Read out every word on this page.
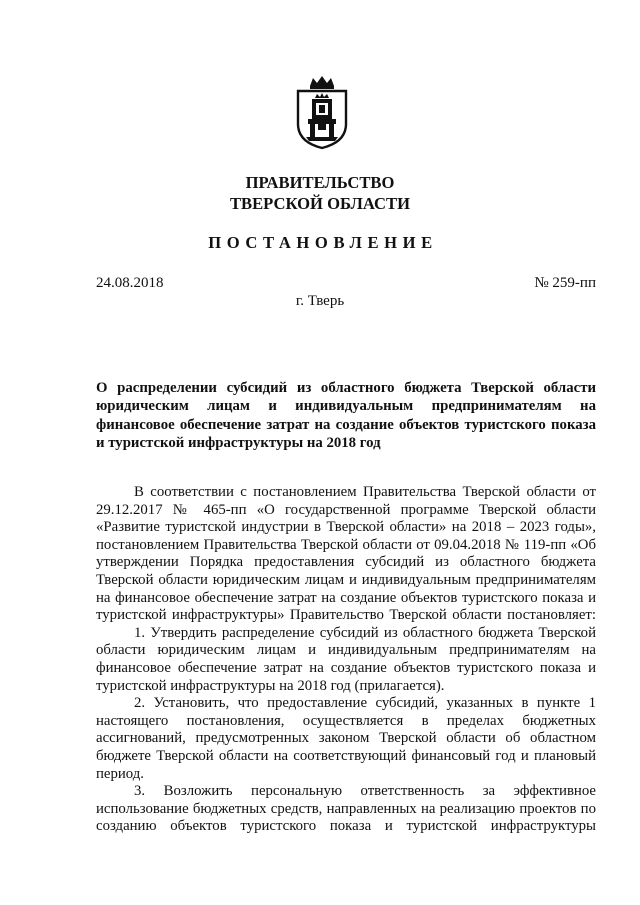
ПРАВИТЕЛЬСТВО
ТВЕРСКОЙ ОБЛАСТИ
ПОСТАНОВЛЕНИЕ
24.08.2018	№ 259-пп
г. Тверь
О распределении субсидий из областного бюджета Тверской области юридическим лицам и индивидуальным предпринимателям на финансовое обеспечение затрат на создание объектов туристского показа и туристской инфраструктуры на 2018 год

В соответствии с постановлением Правительства Тверской области от 29.12.2017 № 465-пп «О государственной программе Тверской области «Развитие туристской индустрии в Тверской области» на 2018 – 2023 годы», постановлением Правительства Тверской области от 09.04.2018 № 119-пп «Об утверждении Порядка предоставления субсидий из областного бюджета Тверской области юридическим лицам и индивидуальным предпринимателям на финансовое обеспечение затрат на создание объектов туристского показа и туристской инфраструктуры» Правительство Тверской области постановляет:

1. Утвердить распределение субсидий из областного бюджета Тверской области юридическим лицам и индивидуальным предпринимателям на финансовое обеспечение затрат на создание объектов туристского показа и туристской инфраструктуры на 2018 год (прилагается).

2. Установить, что предоставление субсидий, указанных в пункте 1 настоящего постановления, осуществляется в пределах бюджетных ассигнований, предусмотренных законом Тверской области об областном бюджете Тверской области на соответствующий финансовый год и плановый период.

3. Возложить персональную ответственность за эффективное использование бюджетных средств, направленных на реализацию проектов по созданию объектов туристского показа и туристской инфраструктуры
